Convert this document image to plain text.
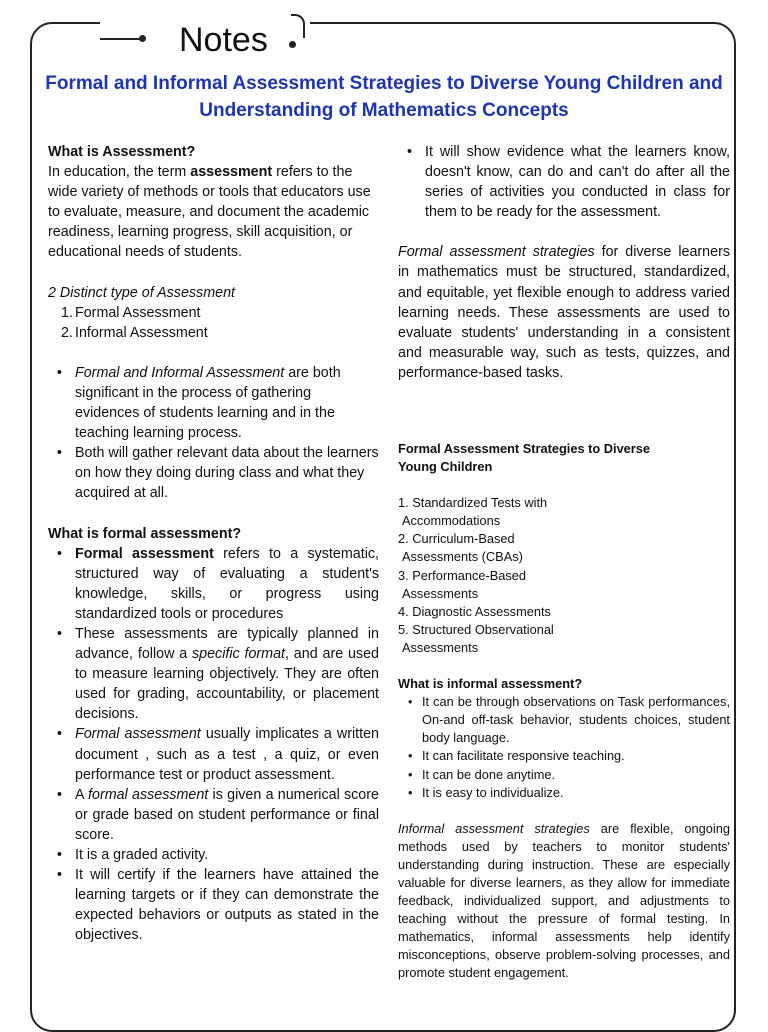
Notes
Formal and Informal Assessment Strategies to Diverse Young Children and Understanding of Mathematics Concepts

What is Assessment?

In education, the term assessment refers to the wide variety of methods or tools that educators use to evaluate, measure, and document the academic readiness, learning progress, skill acquisition, or educational needs of students.

2 Distinct type of Assessment

1. Formal Assessment
2. Informal Assessment
• Formal and Informal Assessment are both significant in the process of gathering evidences of students learning and in the teaching learning process.
• Both will gather relevant data about the learners on how they doing during class and what they acquired at all.

What is formal assessment?

• Formal assessment refers to a systematic, structured way of evaluating a student's knowledge, skills, or progress using standardized tools or procedures
• These assessments are typically planned in advance, follow a specific format, and are used to measure learning objectively. They are often used for grading, accountability, or placement decisions.
• Formal assessment usually implicates a written document , such as a test , a quiz, or even performance test or product assessment.
• A formal assessment is given a numerical score or grade based on student performance or final score.
• It is a graded activity.
• It will certify if the learners have attained the learning targets or if they can demonstrate the expected behaviors or outputs as stated in the objectives.
• It will show evidence what the learners know, doesn't know, can do and can't do after all the series of activities you conducted in class for them to be ready for the assessment.

Formal assessment strategies for diverse learners in mathematics must be structured, standardized, and equitable, yet flexible enough to address varied learning needs. These assessments are used to evaluate students' understanding in a consistent and measurable way, such as tests, quizzes, and performance-based tasks.

Formal Assessment Strategies to Diverse Young Children

1. Standardized Tests with Accommodations
2. Curriculum-Based Assessments (CBAs)
3. Performance-Based Assessments
4. Diagnostic Assessments
5. Structured Observational Assessments

What is informal assessment?

• It can be through observations on Task performances, On-and off-task behavior, students choices, student body language.
• It can facilitate responsive teaching.
• It can be done anytime.
• It is easy to individualize.

Informal assessment strategies are flexible, ongoing methods used by teachers to monitor students' understanding during instruction. These are especially valuable for diverse learners, as they allow for immediate feedback, individualized support, and adjustments to teaching without the pressure of formal testing. In mathematics, informal assessments help identify misconceptions, observe problem-solving processes, and promote student engagement.
